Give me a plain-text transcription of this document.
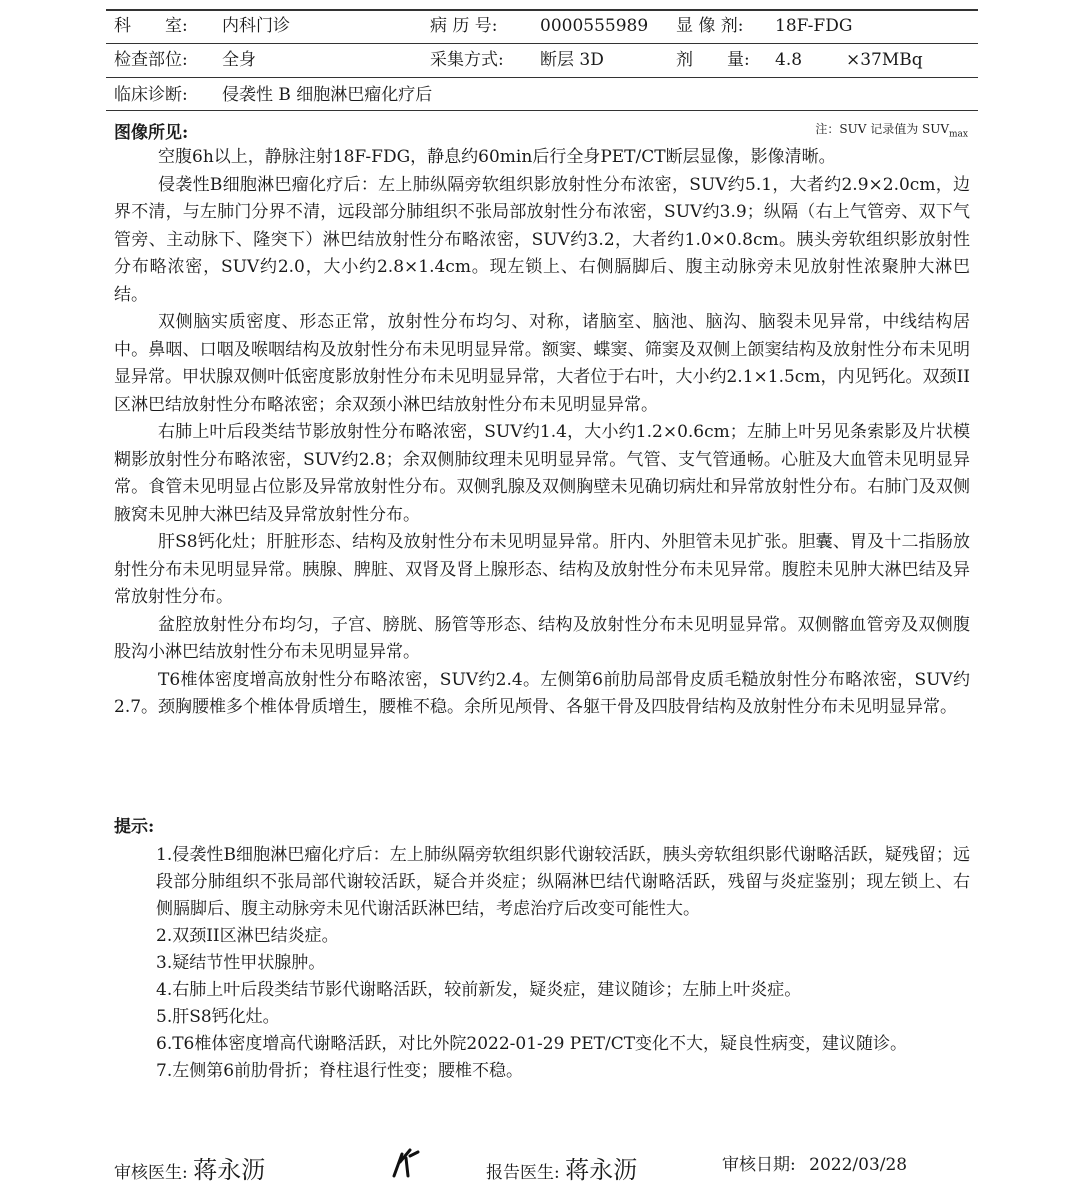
科　　室: 内科门诊	病 历 号: 0000555989 显 像 剂: 18F-FDG
检查部位: 全身	采集方式: 断层 3D	剂　　量: 4.8	×37MBq
临床诊断: 侵袭性 B 细胞淋巴瘤化疗后
图像所见:	注：SUV 记录值为 $SUV_{max}$

空腹6h以上，静脉注射18F-FDG，静息约60min后行全身PET/CT断层显像，影像清晰。

侵袭性B细胞淋巴瘤化疗后：左上肺纵隔旁软组织影放射性分布浓密，SUV约5.1，大者约2.9×2.0cm，边界不清，与左肺门分界不清，远段部分肺组织不张局部放射性分布浓密，SUV约3.9；纵隔（右上气管旁、双下气管旁、主动脉下、隆突下）淋巴结放射性分布略浓密，SUV约3.2，大者约1.0×0.8cm。胰头旁软组织影放射性分布略浓密，SUV约2.0，大小约2.8×1.4cm。现左锁上、右侧膈脚后、腹主动脉旁未见放射性浓聚肿大淋巴结。

双侧脑实质密度、形态正常，放射性分布均匀、对称，诸脑室、脑池、脑沟、脑裂未见异常，中线结构居中。鼻咽、口咽及喉咽结构及放射性分布未见明显异常。额窦、蝶窦、筛窦及双侧上颌窦结构及放射性分布未见明显异常。甲状腺双侧叶低密度影放射性分布未见明显异常，大者位于右叶，大小约2.1×1.5cm，内见钙化。双颈II区淋巴结放射性分布略浓密；余双颈小淋巴结放射性分布未见明显异常。

右肺上叶后段类结节影放射性分布略浓密，SUV约1.4，大小约1.2×0.6cm；左肺上叶另见条索影及片状模糊影放射性分布略浓密，SUV约2.8；余双侧肺纹理未见明显异常。气管、支气管通畅。心脏及大血管未见明显异常。食管未见明显占位影及异常放射性分布。双侧乳腺及双侧胸壁未见确切病灶和异常放射性分布。右肺门及双侧腋窝未见肿大淋巴结及异常放射性分布。

肝S8钙化灶；肝脏形态、结构及放射性分布未见明显异常。肝内、外胆管未见扩张。胆囊、胃及十二指肠放射性分布未见明显异常。胰腺、脾脏、双肾及肾上腺形态、结构及放射性分布未见异常。腹腔未见肿大淋巴结及异常放射性分布。

盆腔放射性分布均匀，子宫、膀胱、肠管等形态、结构及放射性分布未见明显异常。双侧髂血管旁及双侧腹股沟小淋巴结放射性分布未见明显异常。

T6椎体密度增高放射性分布略浓密，SUV约2.4。左侧第6前肋局部骨皮质毛糙放射性分布略浓密，SUV约2.7。颈胸腰椎多个椎体骨质增生，腰椎不稳。余所见颅骨、各躯干骨及四肢骨结构及放射性分布未见明显异常。

提示:
1.侵袭性B细胞淋巴瘤化疗后：左上肺纵隔旁软组织影代谢较活跃，胰头旁软组织影代谢略活跃，疑残留；远段部分肺组织不张局部代谢较活跃，疑合并炎症；纵隔淋巴结代谢略活跃，残留与炎症鉴别；现左锁上、右侧膈脚后、腹主动脉旁未见代谢活跃淋巴结，考虑治疗后改变可能性大。
2.双颈II区淋巴结炎症。
3.疑结节性甲状腺肿。
4.右肺上叶后段类结节影代谢略活跃，较前新发，疑炎症，建议随诊；左肺上叶炎症。
5.肝S8钙化灶。
6.T6椎体密度增高代谢略活跃，对比外院2022-01-29 PET/CT变化不大，疑良性病变，建议随诊。
7.左侧第6前肋骨折；脊柱退行性变；腰椎不稳。
审核医生: 蒋永沥	报告医生: 蒋永沥	审核日期: 2022/03/28
